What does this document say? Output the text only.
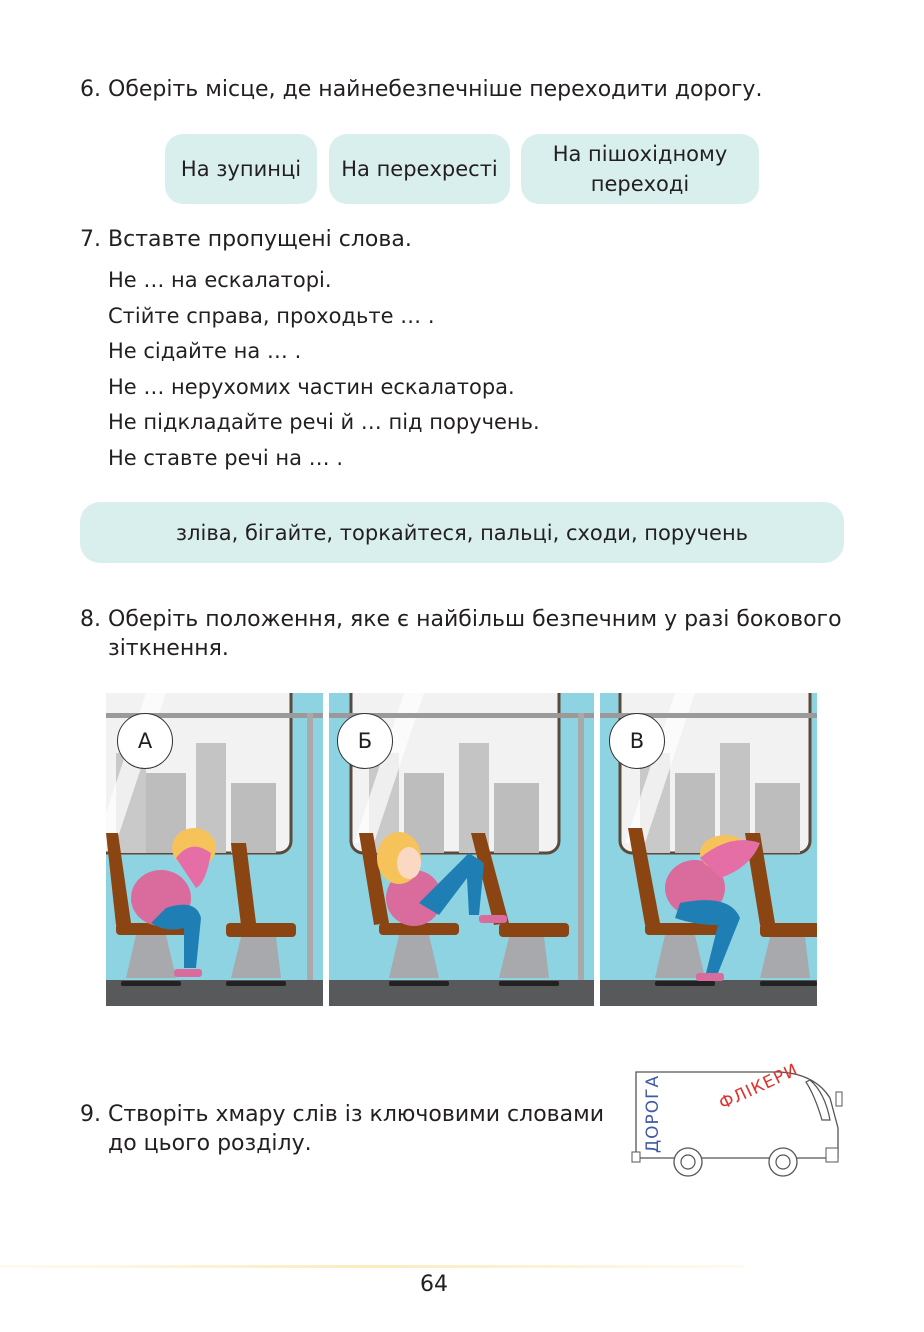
6. Оберіть місце, де найнебезпечніше переходити дорогу.
На зупинці На перехресті
На пішохідному переході
7. Вставте пропущені слова.
Не … на ескалаторі.
Стійте справа, проходьте … .
Не сідайте на … .
Не … нерухомих частин ескалатора.
Не підкладайте речі й … під поручень.
Не ставте речі на … .
зліва, бігайте, торкайтеся, пальці, сходи, поручень
8. Оберіть положення, яке є найбільш безпечним у разі бокового
зіткнення.
А	Б	В
9. Створіть хмару слів із ключовими словами
до цього розділу.	ДОРОГА	ФЛІКЕРИ
64
